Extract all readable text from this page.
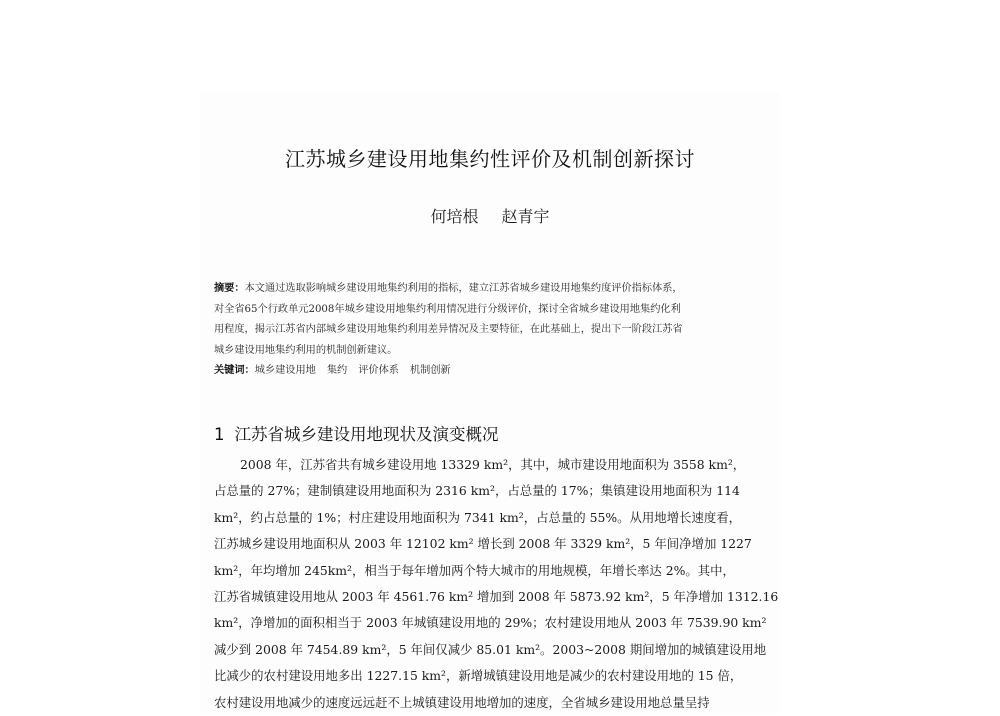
江苏城乡建设用地集约性评价及机制创新探讨
何培根 赵青宇

摘要：本文通过选取影响城乡建设用地集约利用的指标，建立江苏省城乡建设用地集约度评价指标体系，

对全省65个行政单元2008年城乡建设用地集约利用情况进行分级评价，探讨全省城乡建设用地集约化利

用程度，揭示江苏省内部城乡建设用地集约利用差异情况及主要特征，在此基础上，提出下一阶段江苏省

城乡建设用地集约利用的机制创新建议。

关键词：城乡建设用地 集约 评价体系 机制创新

1 江苏省城乡建设用地现状及演变概况
2008 年，江苏省共有城乡建设用地 13329 km²，其中，城市建设用地面积为 3558 km²，
占总量的 27%；建制镇建设用地面积为 2316 km²，占总量的 17%；集镇建设用地面积为 114
km²，约占总量的 1%；村庄建设用地面积为 7341 km²，占总量的 55%。从用地增长速度看，
江苏城乡建设用地面积从 2003 年 12102 km² 增长到 2008 年 3329 km²，5 年间净增加 1227
km²，年均增加 245km²，相当于每年增加两个特大城市的用地规模，年增长率达 2%。其中，
江苏省城镇建设用地从 2003 年 4561.76 km² 增加到 2008 年 5873.92 km²，5 年净增加 1312.16
km²，净增加的面积相当于 2003 年城镇建设用地的 29%；农村建设用地从 2003 年 7539.90 km²
减少到 2008 年 7454.89 km²，5 年间仅减少 85.01 km²。2003~2008 期间增加的城镇建设用地
比减少的农村建设用地多出 1227.15 km²，新增城镇建设用地是减少的农村建设用地的 15 倍，
农村建设用地减少的速度远远赶不上城镇建设用地增加的速度，全省城乡建设用地总量呈持
